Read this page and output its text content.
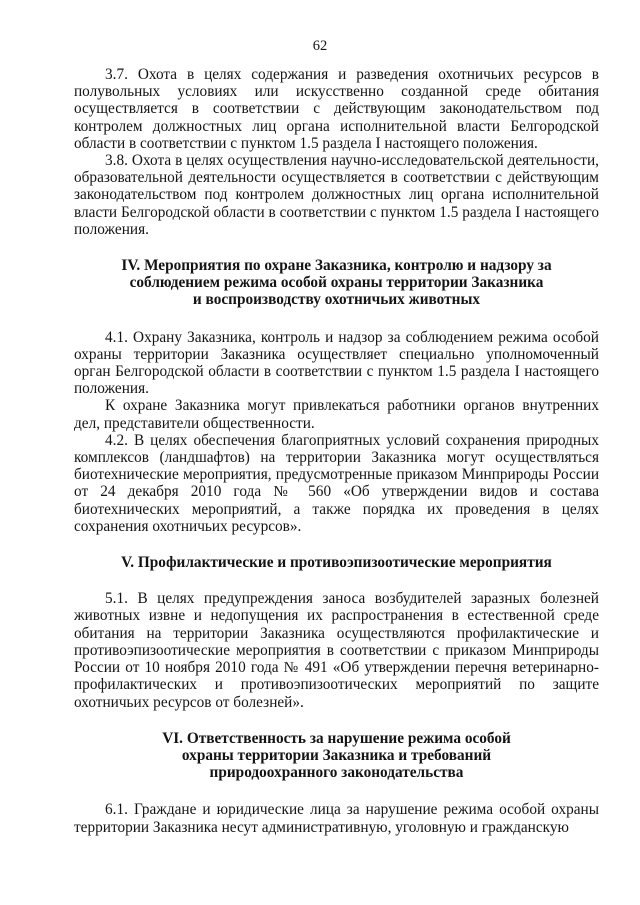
62

3.7. Охота в целях содержания и разведения охотничьих ресурсов в полувольных условиях или искусственно созданной среде обитания осуществляется в соответствии с действующим законодательством под контролем должностных лиц органа исполнительной власти Белгородской области в соответствии с пунктом 1.5 раздела I настоящего положения.

3.8. Охота в целях осуществления научно-исследовательской деятельности, образовательной деятельности осуществляется в соответствии с действующим законодательством под контролем должностных лиц органа исполнительной власти Белгородской области в соответствии с пунктом 1.5 раздела I настоящего положения.

IV. Мероприятия по охране Заказника, контролю и надзору за
соблюдением режима особой охраны территории Заказника
и воспроизводству охотничьих животных

4.1. Охрану Заказника, контроль и надзор за соблюдением режима особой охраны территории Заказника осуществляет специально уполномоченный орган Белгородской области в соответствии с пунктом 1.5 раздела I настоящего положения.

К охране Заказника могут привлекаться работники органов внутренних дел, представители общественности.

4.2. В целях обеспечения благоприятных условий сохранения природных комплексов (ландшафтов) на территории Заказника могут осуществляться биотехнические мероприятия, предусмотренные приказом Минприроды России от 24 декабря 2010 года № 560 «Об утверждении видов и состава биотехнических мероприятий, а также порядка их проведения в целях сохранения охотничьих ресурсов».

V. Профилактические и противоэпизоотические мероприятия

5.1. В целях предупреждения заноса возбудителей заразных болезней животных извне и недопущения их распространения в естественной среде обитания на территории Заказника осуществляются профилактические и противоэпизоотические мероприятия в соответствии с приказом Минприроды России от 10 ноября 2010 года № 491 «Об утверждении перечня ветеринарно-профилактических и противоэпизоотических мероприятий по защите охотничьих ресурсов от болезней».

VI. Ответственность за нарушение режима особой
охраны территории Заказника и требований
природоохранного законодательства

6.1. Граждане и юридические лица за нарушение режима особой охраны территории Заказника несут административную, уголовную и гражданскую
